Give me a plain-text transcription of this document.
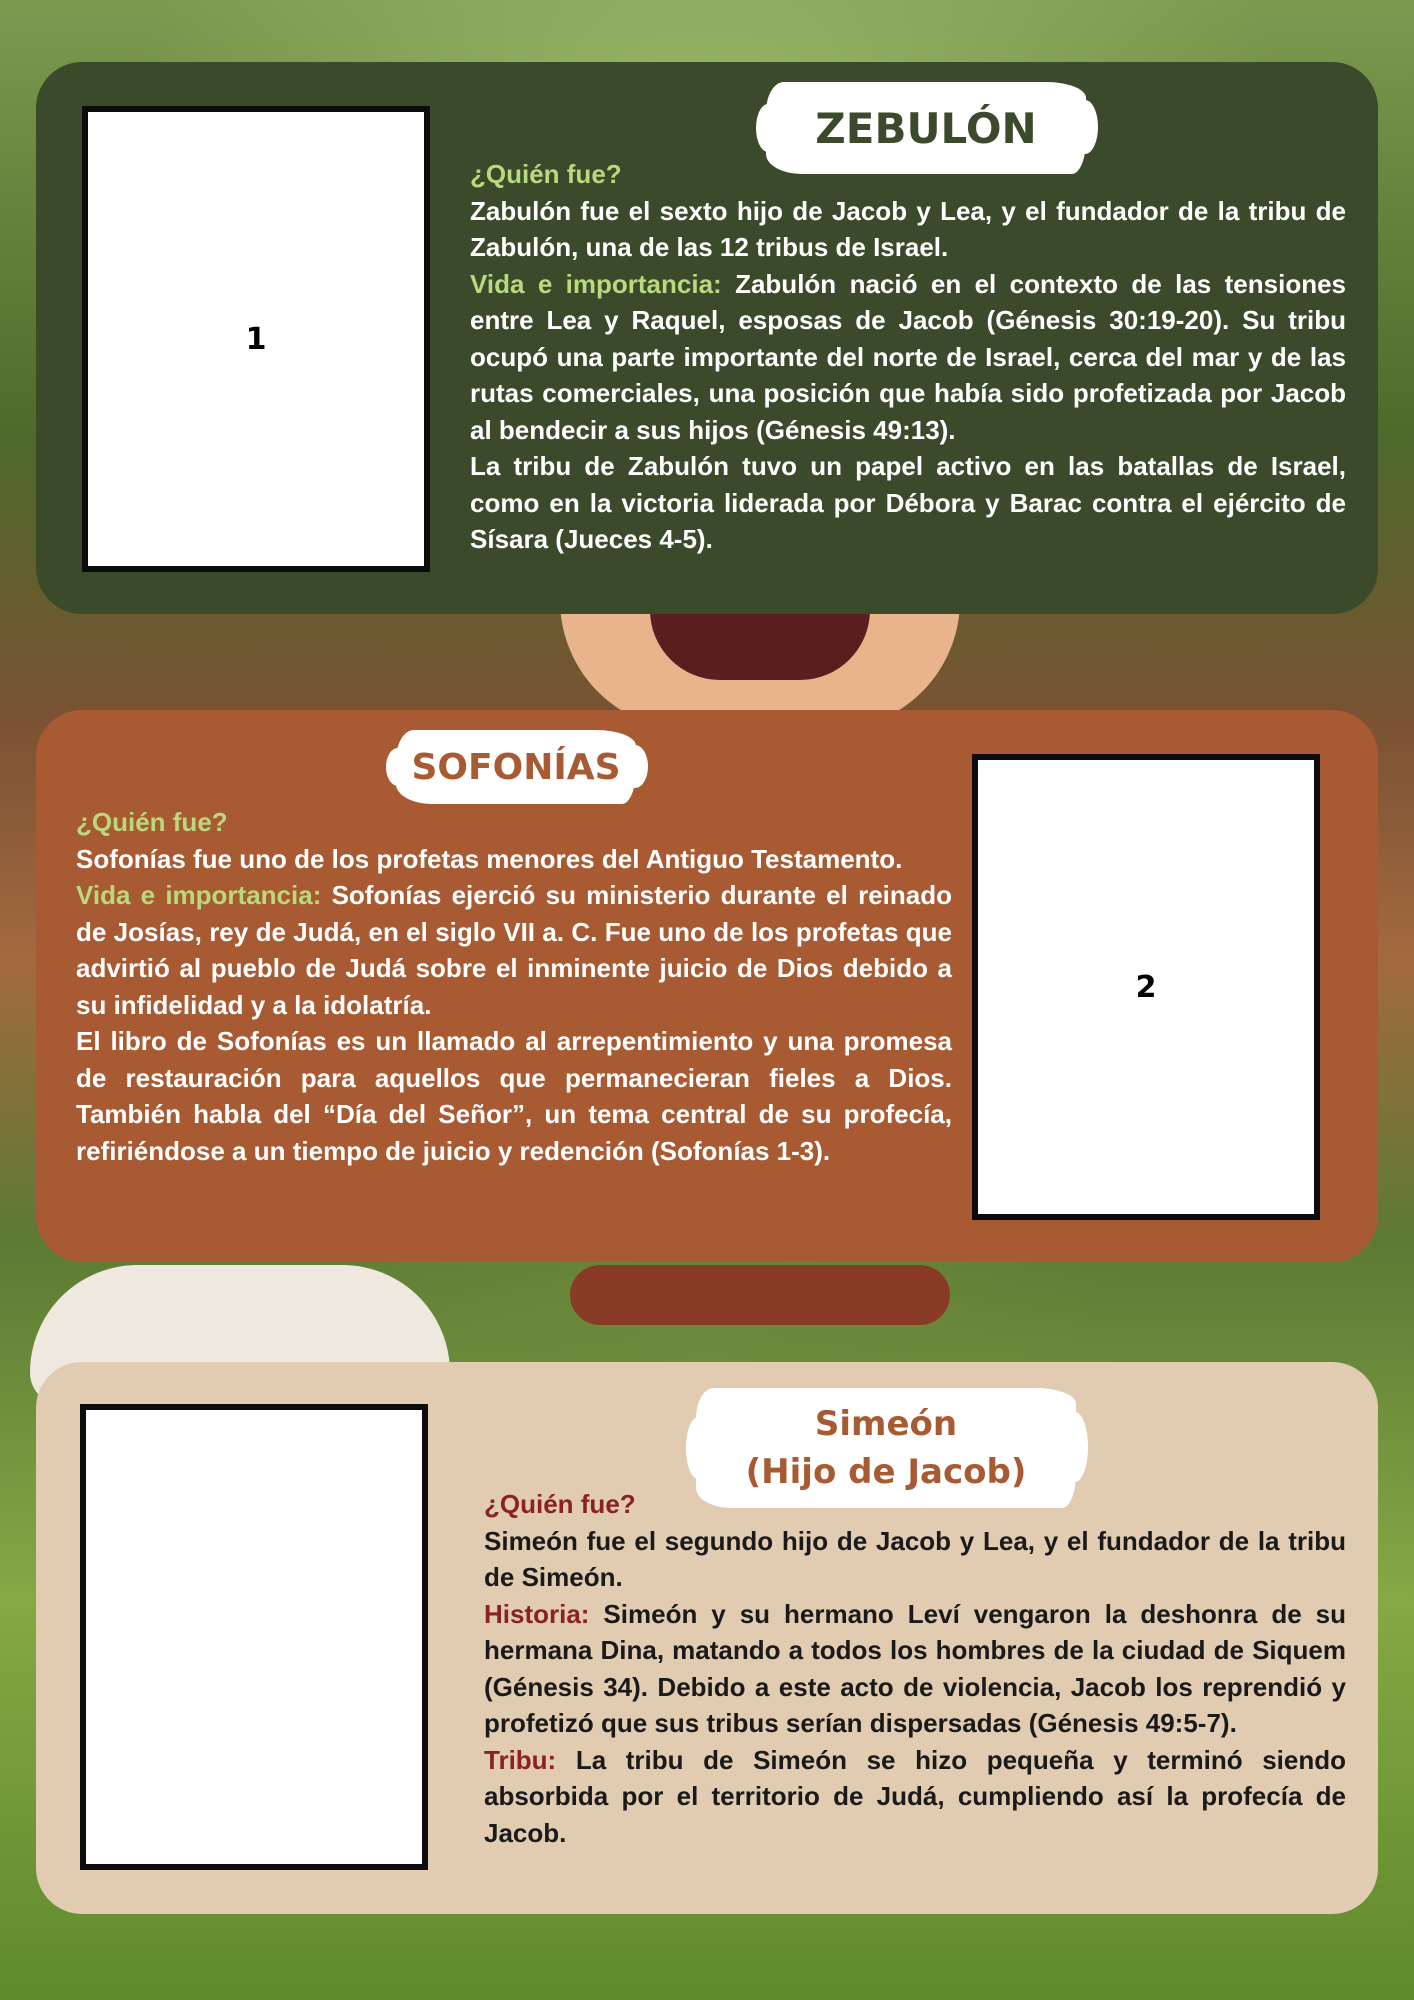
1
ZEBULÓN

¿Quién fue?

Zabulón fue el sexto hijo de Jacob y Lea, y el fundador de la tribu de Zabulón, una de las 12 tribus de Israel.

Vida e importancia: Zabulón nació en el contexto de las tensiones entre Lea y Raquel, esposas de Jacob (Génesis 30:19-20). Su tribu ocupó una parte importante del norte de Israel, cerca del mar y de las rutas comerciales, una posición que había sido profetizada por Jacob al bendecir a sus hijos (Génesis 49:13).

La tribu de Zabulón tuvo un papel activo en las batallas de Israel, como en la victoria liderada por Débora y Barac contra el ejército de Sísara (Jueces 4-5).

SOFONÍAS
2

¿Quién fue?

Sofonías fue uno de los profetas menores del Antiguo Testamento.

Vida e importancia: Sofonías ejerció su ministerio durante el reinado de Josías, rey de Judá, en el siglo VII a. C. Fue uno de los profetas que advirtió al pueblo de Judá sobre el inminente juicio de Dios debido a su infidelidad y a la idolatría.

El libro de Sofonías es un llamado al arrepentimiento y una promesa de restauración para aquellos que permanecieran fieles a Dios. También habla del “Día del Señor”, un tema central de su profecía, refiriéndose a un tiempo de juicio y redención (Sofonías 1-3).

Simeón
(Hijo de Jacob)

¿Quién fue?

Simeón fue el segundo hijo de Jacob y Lea, y el fundador de la tribu de Simeón.

Historia: Simeón y su hermano Leví vengaron la deshonra de su hermana Dina, matando a todos los hombres de la ciudad de Siquem (Génesis 34). Debido a este acto de violencia, Jacob los reprendió y profetizó que sus tribus serían dispersadas (Génesis 49:5-7).

Tribu: La tribu de Simeón se hizo pequeña y terminó siendo absorbida por el territorio de Judá, cumpliendo así la profecía de Jacob.
